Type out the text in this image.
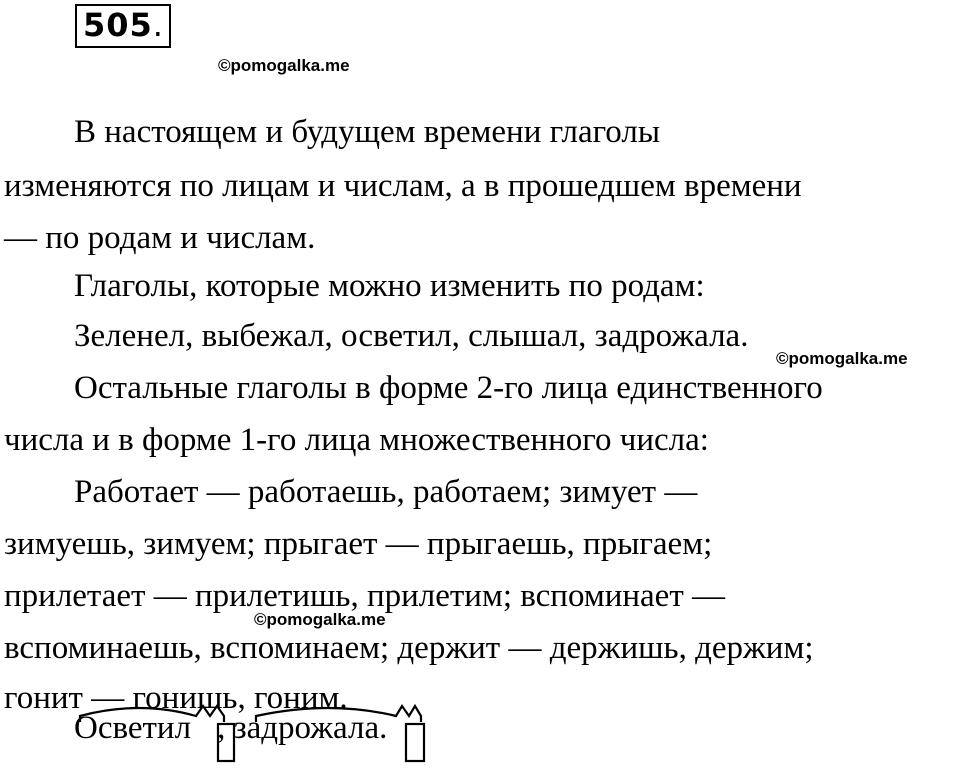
505.
©pomogalka.me
©pomogalka.me
©pomogalka.me
В настоящем и будущем времени глаголы
изменяются по лицам и числам, а в прошедшем времени
— по родам и числам.
Глаголы, которые можно изменить по родам:
Зеленел, выбежал, осветил, слышал, задрожала.
Остальные глаголы в форме 2-го лица единственного
числа и в форме 1-го лица множественного числа:
Работает — работаешь, работаем; зимует —
зимуешь, зимуем; прыгает — прыгаешь, прыгаем;
прилетает — прилетишь, прилетим; вспоминает —
вспоминаешь, вспоминаем; держит — держишь, держим;
гонит — гонишь, гоним.
Осветил , задрожала.
